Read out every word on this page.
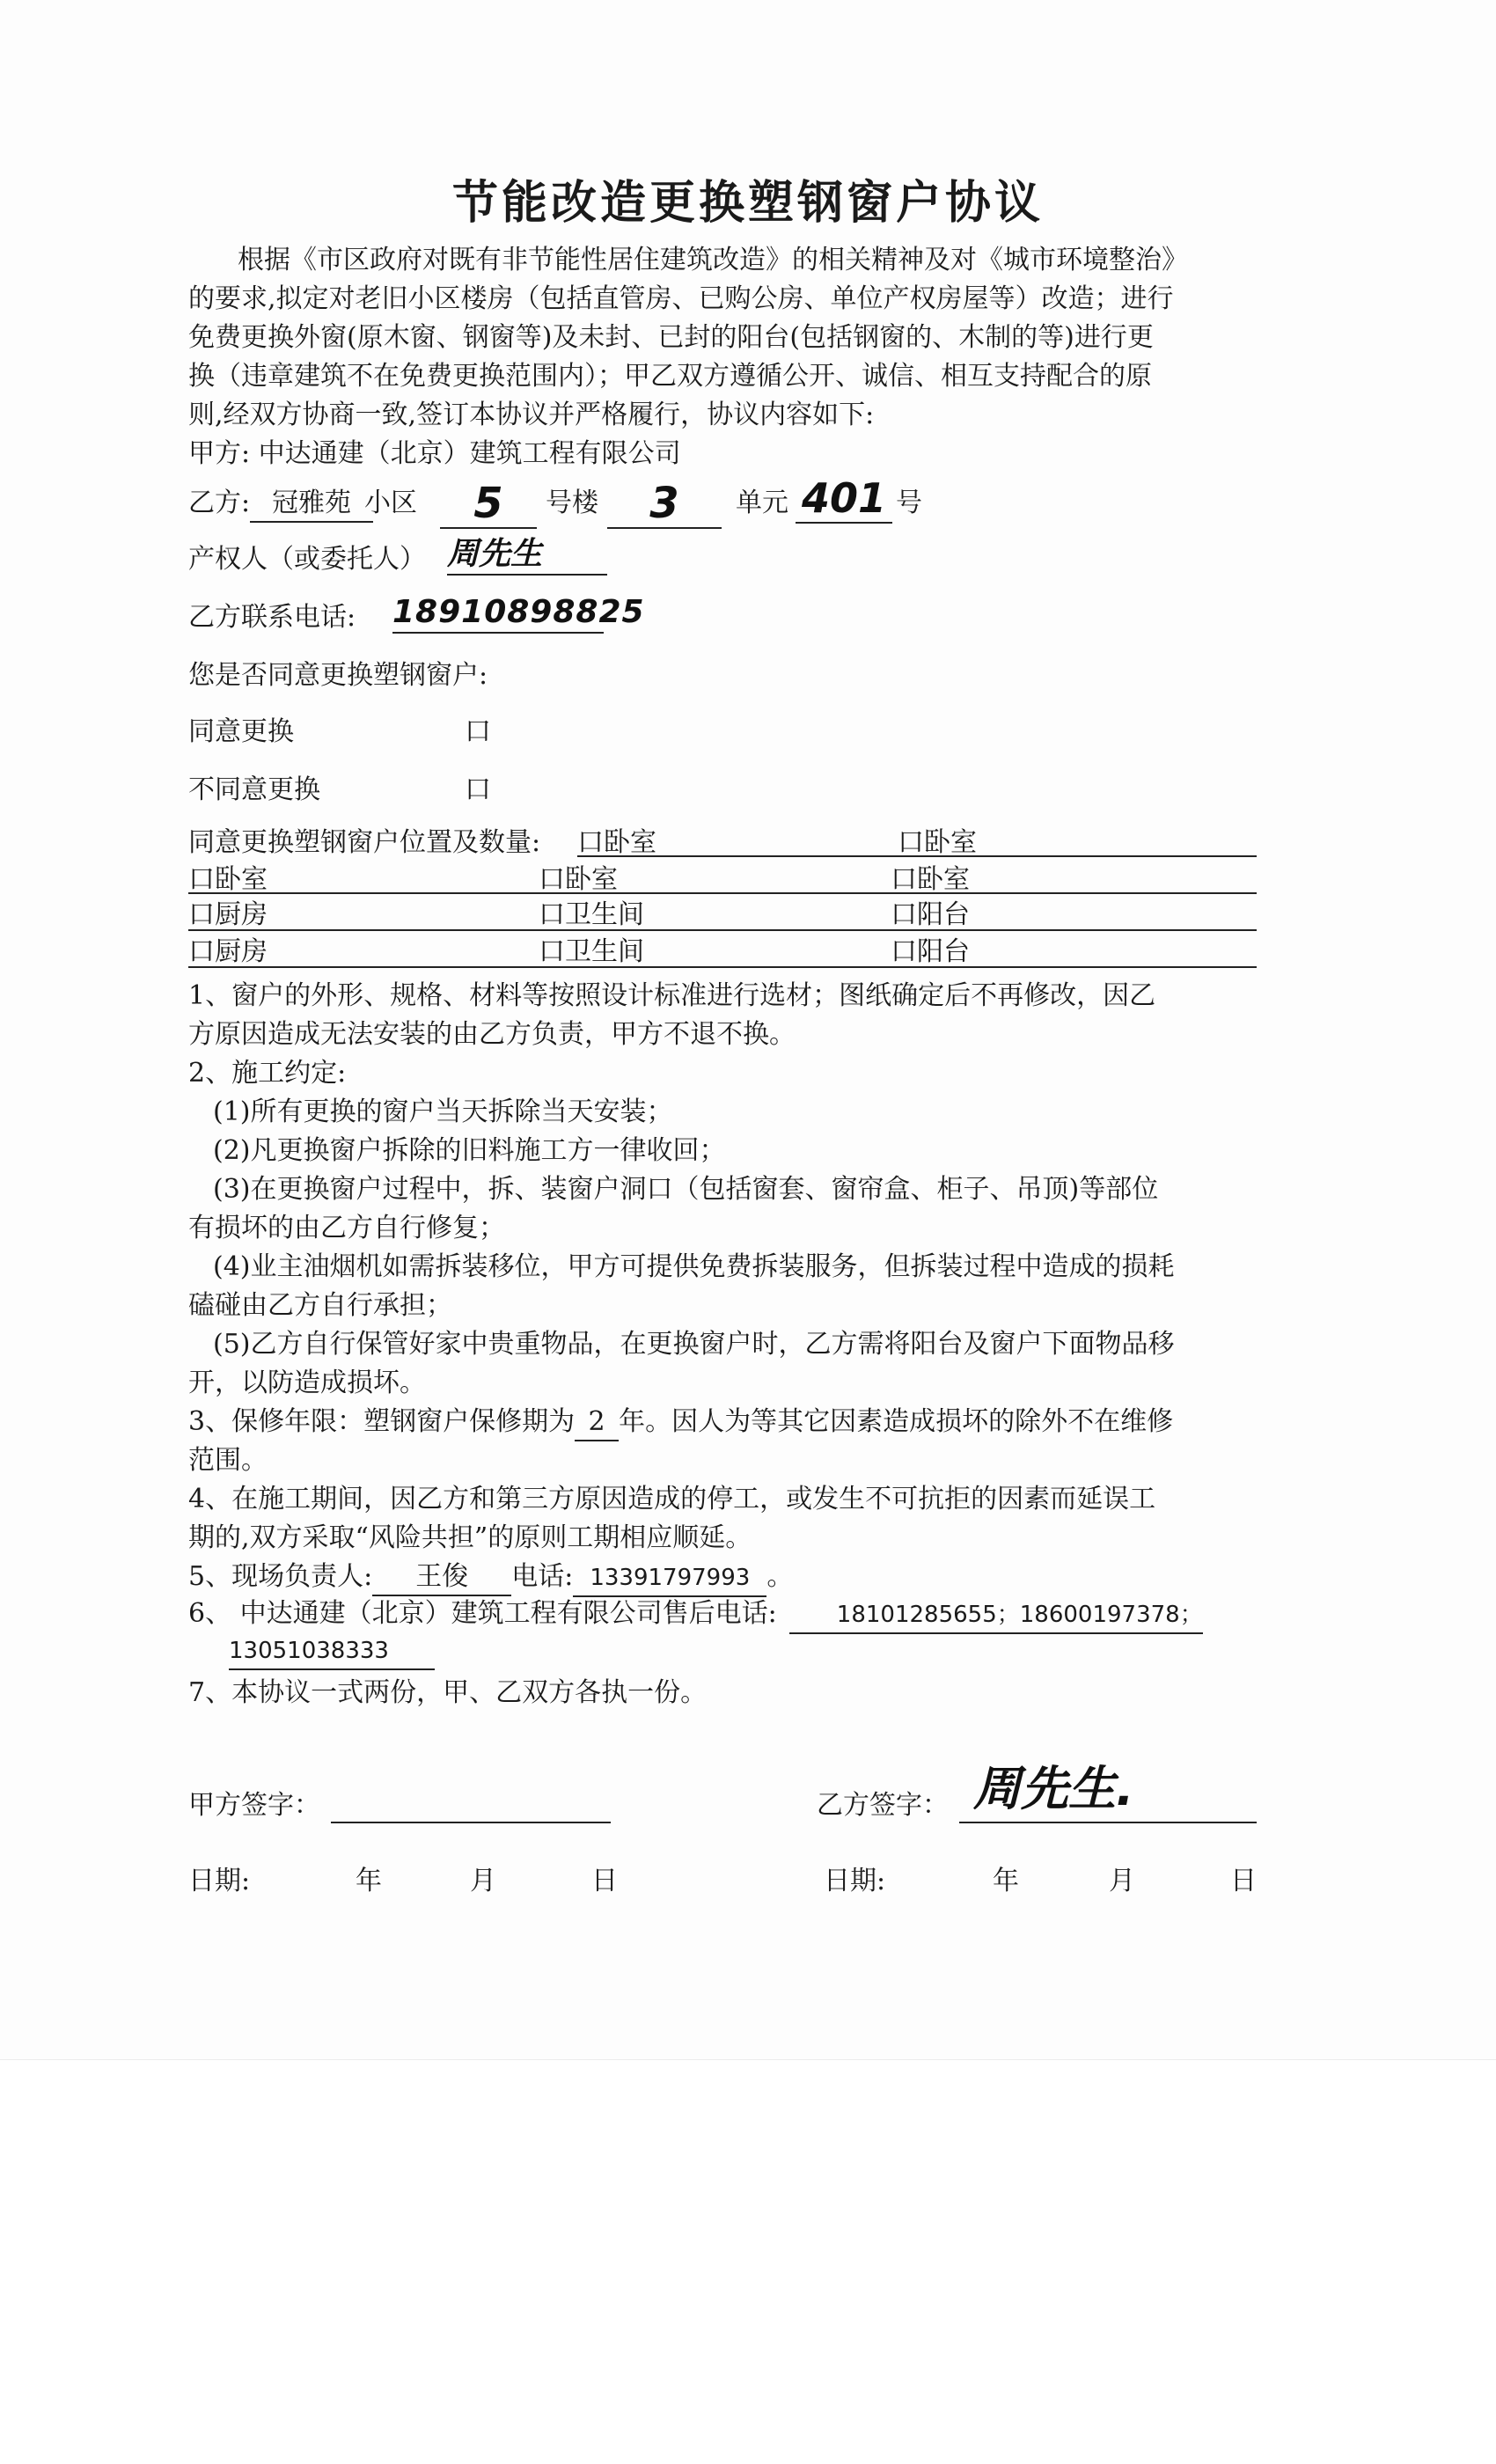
节能改造更换塑钢窗户协议
根据《市区政府对既有非节能性居住建筑改造》的相关精神及对《城市环境整治》
的要求,拟定对老旧小区楼房（包括直管房、已购公房、单位产权房屋等）改造；进行
免费更换外窗(原木窗、钢窗等)及未封、已封的阳台(包括钢窗的、木制的等)进行更
换（违章建筑不在免费更换范围内）；甲乙双方遵循公开、诚信、相互支持配合的原
则,经双方协商一致,签订本协议并严格履行，协议内容如下:
甲方: 中达通建（北京）建筑工程有限公司
乙方: 冠雅苑 小区	5	号楼	3	单元 401 号
产权人（或委托人） 周先生
乙方联系电话: 18910898825
您是否同意更换塑钢窗户:
同意更换	口
不同意更换	口
同意更换塑钢窗户位置及数量: 口卧室	口卧室
口卧室	口卧室	口卧室
口厨房	口卫生间	口阳台
口厨房	口卫生间	口阳台
1、窗户的外形、规格、材料等按照设计标准进行选材；图纸确定后不再修改，因乙
方原因造成无法安装的由乙方负责，甲方不退不换。
2、施工约定:
(1)所有更换的窗户当天拆除当天安装；
(2)凡更换窗户拆除的旧料施工方一律收回；
(3)在更换窗户过程中，拆、装窗户洞口（包括窗套、窗帘盒、柜子、吊顶)等部位
有损坏的由乙方自行修复；
(4)业主油烟机如需拆装移位，甲方可提供免费拆装服务，但拆装过程中造成的损耗
磕碰由乙方自行承担；
(5)乙方自行保管好家中贵重物品，在更换窗户时，乙方需将阳台及窗户下面物品移
开，以防造成损坏。
3、保修年限：塑钢窗户保修期为 2 年。因人为等其它因素造成损坏的除外不在维修
范围。
4、在施工期间，因乙方和第三方原因造成的停工，或发生不可抗拒的因素而延误工
期的,双方采取“风险共担”的原则工期相应顺延。
5、现场负责人: 王俊 电话: 13391797993 。
6、 中达通建（北京）建筑工程有限公司售后电话:	18101285655；18600197378；
13051038333
7、本协议一式两份，甲、乙双方各执一份。
甲方签字：	乙方签字： 周先生.
日期:	年	月	日	日期:	年	月	日
